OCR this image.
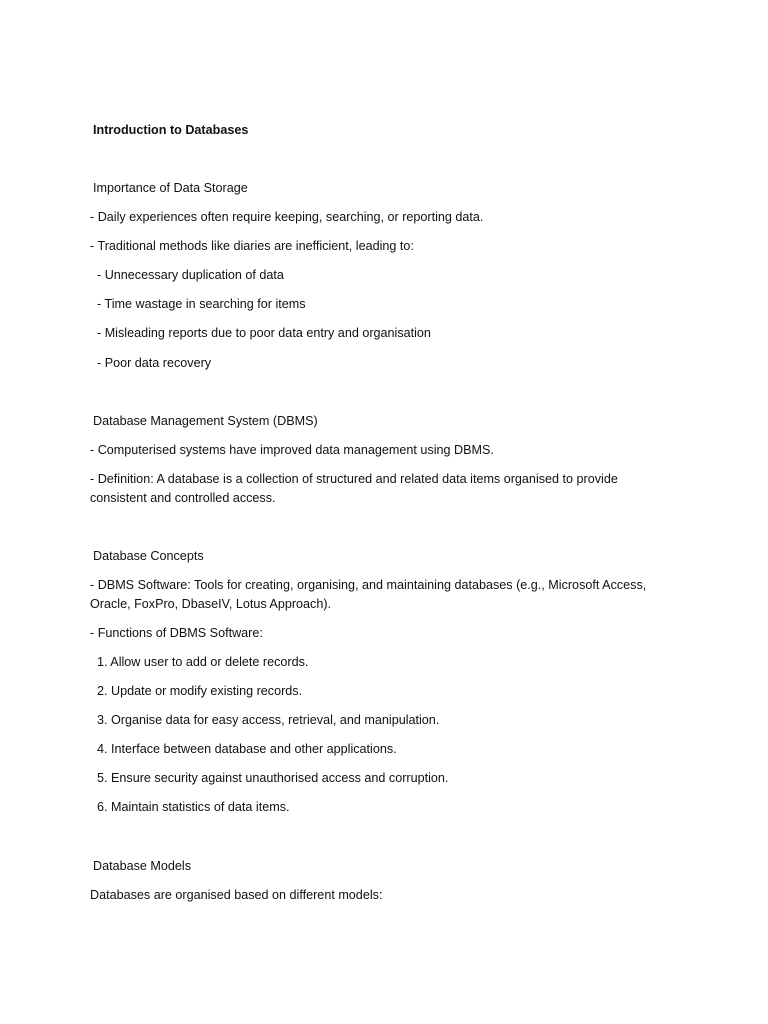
Introduction to Databases
Importance of Data Storage
- Daily experiences often require keeping, searching, or reporting data.
- Traditional methods like diaries are inefficient, leading to:
- Unnecessary duplication of data
- Time wastage in searching for items
- Misleading reports due to poor data entry and organisation
- Poor data recovery
Database Management System (DBMS)
- Computerised systems have improved data management using DBMS.
- Definition: A database is a collection of structured and related data items organised to provide consistent and controlled access.
Database Concepts
- DBMS Software: Tools for creating, organising, and maintaining databases (e.g., Microsoft Access, Oracle, FoxPro, DbaseIV, Lotus Approach).
- Functions of DBMS Software:
1. Allow user to add or delete records.
2. Update or modify existing records.
3. Organise data for easy access, retrieval, and manipulation.
4. Interface between database and other applications.
5. Ensure security against unauthorised access and corruption.
6. Maintain statistics of data items.
Database Models
Databases are organised based on different models:
